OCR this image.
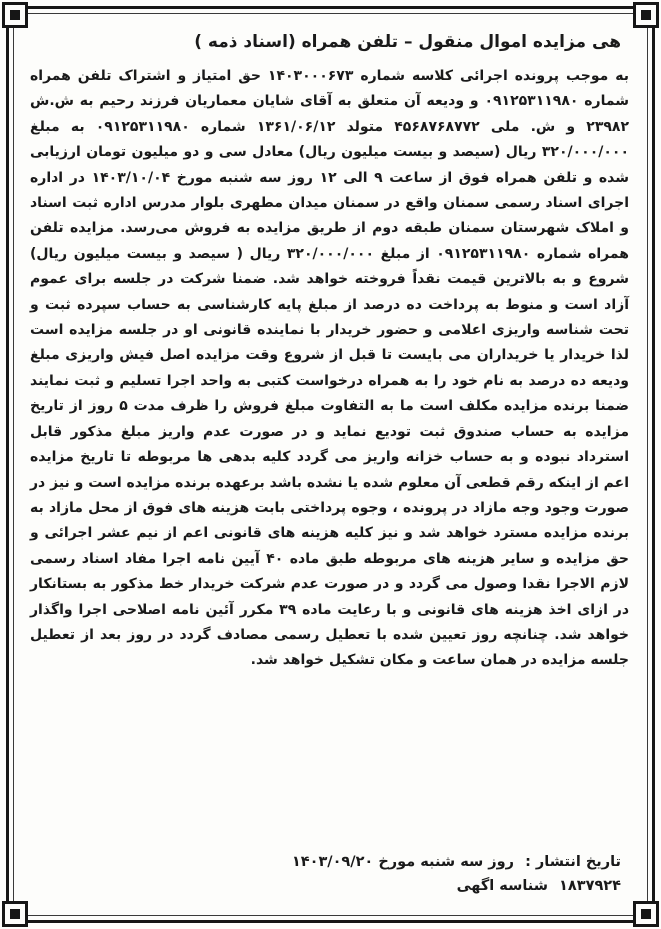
هی مزایده اموال منقول – تلفن همراه (اسناد ذمه )
به موجب پرونده اجرائی کلاسه شماره ۱۴۰۳۰۰۰۶۷۳ حق امتیاز و اشتراک تلفن همراه شماره ۰۹۱۲۵۳۱۱۹۸۰ و ودیعه آن متعلق به آقای شایان معماریان فرزند رحیم به ش.ش ۲۳۹۸۲ و ش. ملی ۴۵۶۸۷۶۸۷۷۲ متولد ۱۳۶۱/۰۶/۱۲ شماره ۰۹۱۲۵۳۱۱۹۸۰ به مبلغ ۳۲۰/۰۰۰/۰۰۰ ریال (سیصد و بیست میلیون ریال) معادل سی و دو میلیون تومان ارزیابی شده و تلفن همراه فوق از ساعت ۹ الی ۱۲ روز سه شنبه مورخ ۱۴۰۳/۱۰/۰۴ در اداره اجرای اسناد رسمی سمنان واقع در سمنان میدان مطهری بلوار مدرس اداره ثبت اسناد و املاک شهرستان سمنان طبقه دوم از طریق مزایده به فروش می‌رسد. مزایده تلفن همراه شماره ۰۹۱۲۵۳۱۱۹۸۰ از مبلغ ۳۲۰/۰۰۰/۰۰۰ ریال ( سیصد و بیست میلیون ریال) شروع و به بالاترین قیمت نقداً فروخته خواهد شد. ضمنا شرکت در جلسه برای عموم آزاد است و منوط به پرداخت ده درصد از مبلغ پایه کارشناسی به حساب سپرده ثبت و تحت شناسه واریزی اعلامی و حضور خریدار با نماینده قانونی او در جلسه مزایده است لذا خریدار یا خریداران می بایست تا قبل از شروع وقت مزایده اصل فیش واریزی مبلغ ودیعه ده درصد به نام خود را به همراه درخواست کتبی به واحد اجرا تسلیم و ثبت نمایند ضمنا برنده مزایده مکلف است ما به التفاوت مبلغ فروش را ظرف مدت ۵ روز از تاریخ مزایده به حساب صندوق ثبت تودیع نماید و در صورت عدم واریز مبلغ مذکور قابل استرداد نبوده و به حساب خزانه واریز می گردد کلیه بدهی ها مربوطه تا تاریخ مزایده اعم از اینکه رقم قطعی آن معلوم شده یا نشده باشد برعهده برنده مزایده است و نیز در صورت وجود وجه مازاد در پرونده ، وجوه پرداختی بابت هزینه های فوق از محل مازاد به برنده مزایده مسترد خواهد شد و نیز کلیه هزینه های قانونی اعم از نیم عشر اجرائی و حق مزایده و سایر هزینه های مربوطه طبق ماده ۴۰ آیین نامه اجرا مفاد اسناد رسمی لازم الاجرا نقدا وصول می گردد و در صورت عدم شرکت خریدار خط مذکور به بستانکار در ازای اخذ هزینه های قانونی و با رعایت ماده ۳۹ مکرر آئین نامه اصلاحی اجرا واگذار خواهد شد. چنانچه روز تعیین شده با تعطیل رسمی مصادف گردد در روز بعد از تعطیل جلسه مزایده در همان ساعت و مکان تشکیل خواهد شد.
تاریخ انتشار : روز سه شنبه مورخ ۱۴۰۳/۰۹/۲۰
۱۸۳۷۹۲۴ شناسه اگهی
